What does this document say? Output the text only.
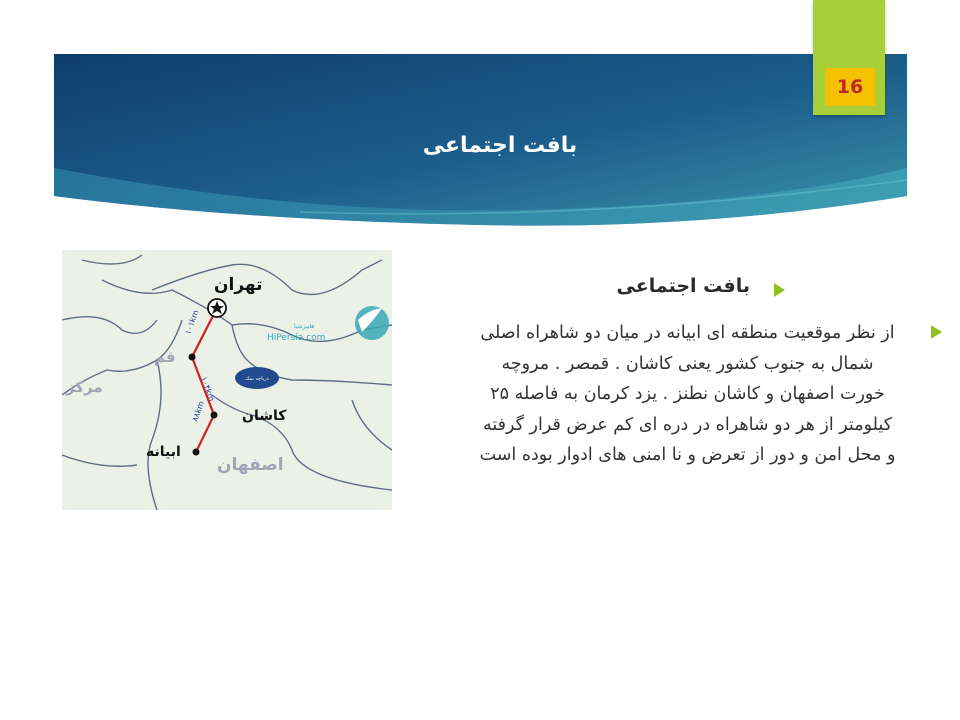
16
بافت اجتماعی
دریاچه نمک
۱۰۱km
۱۰۴km
۸۸km
تهران
قم
کاشان
ابیانه
اصفهان
مرکز
هایپرشیا
HiPersia.com
بافت اجتماعی
از نظر موقعیت منطقه ای ابیانه در میان دو شاهراه اصلی
شمال به جنوب کشور یعنی کاشان . قمصر . مروچه
خورت اصفهان و کاشان نطنز . یزد کرمان به فاصله ۲۵
کیلومتر از هر دو شاهراه در دره ای کم عرض قرار گرفته
و محل امن و دور از تعرض و نا امنی های ادوار بوده است
